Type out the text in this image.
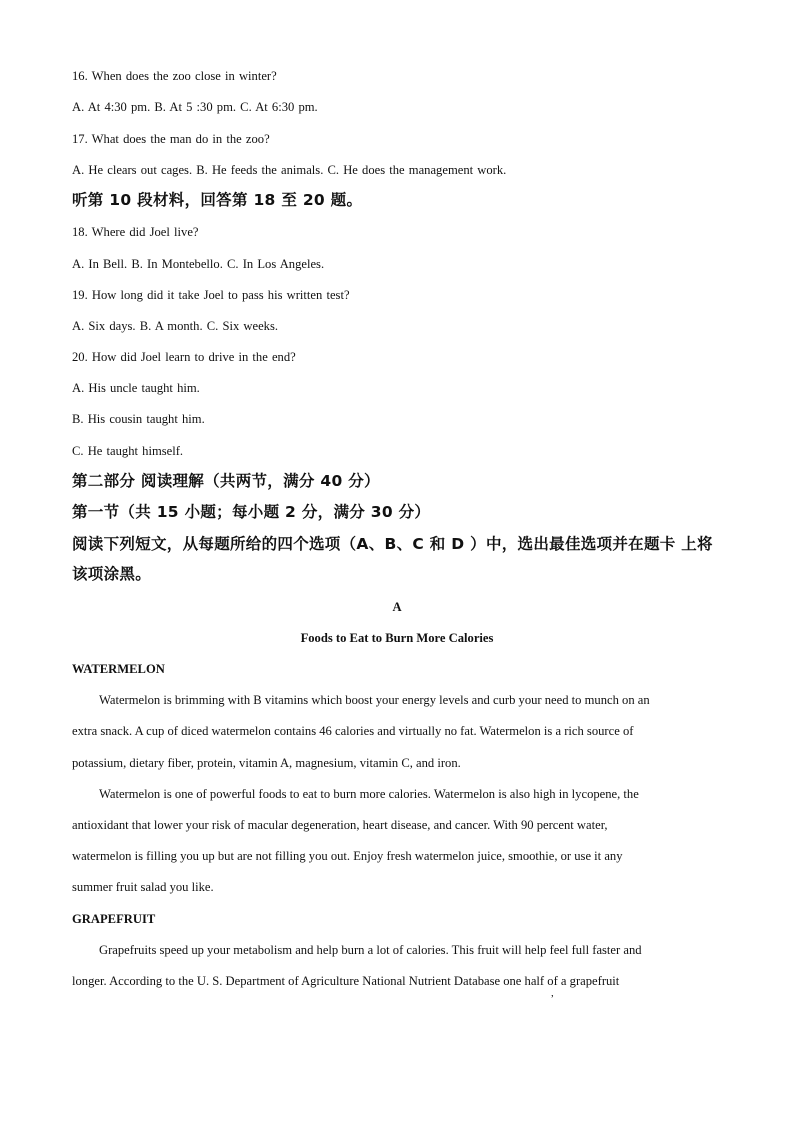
16. When does the zoo close in winter?
A. At 4:30 pm. B. At 5 :30 pm. C. At 6:30 pm.
17. What does the man do in the zoo?
A. He clears out cages. B. He feeds the animals. C. He does the management work.
听第 10 段材料，回答第 18 至 20 题。
18. Where did Joel live?
A. In Bell. B. In Montebello. C. In Los Angeles.
19. How long did it take Joel to pass his written test?
A. Six days. B. A month. C. Six weeks.
20. How did Joel learn to drive in the end?
A. His uncle taught him.
B. His cousin taught him.
C. He taught himself.
第二部分 阅读理解（共两节，满分 40 分）
第一节（共 15 小题；每小题 2 分，满分 30 分）
阅读下列短文，从每题所给的四个选项（A、B、C 和 D ）中，选出最佳选项并在题卡 上将
该项涂黑。
A
Foods to Eat to Burn More Calories
WATERMELON
Watermelon is brimming with B vitamins which boost your energy levels and curb your need to munch on an
extra snack. A cup of diced watermelon contains 46 calories and virtually no fat. Watermelon is a rich source of
potassium, dietary fiber, protein, vitamin A, magnesium, vitamin C, and iron.
Watermelon is one of powerful foods to eat to burn more calories. Watermelon is also high in lycopene, the
antioxidant that lower your risk of macular degeneration, heart disease, and cancer. With 90 percent water,
watermelon is filling you up but are not filling you out. Enjoy fresh watermelon juice, smoothie, or use it any
summer fruit salad you like.
GRAPEFRUIT
Grapefruits speed up your metabolism and help burn a lot of calories. This fruit will help feel full faster and
longer. According to the U. S. Department of Agriculture National Nutrient Database one half of a grapefruit
,
